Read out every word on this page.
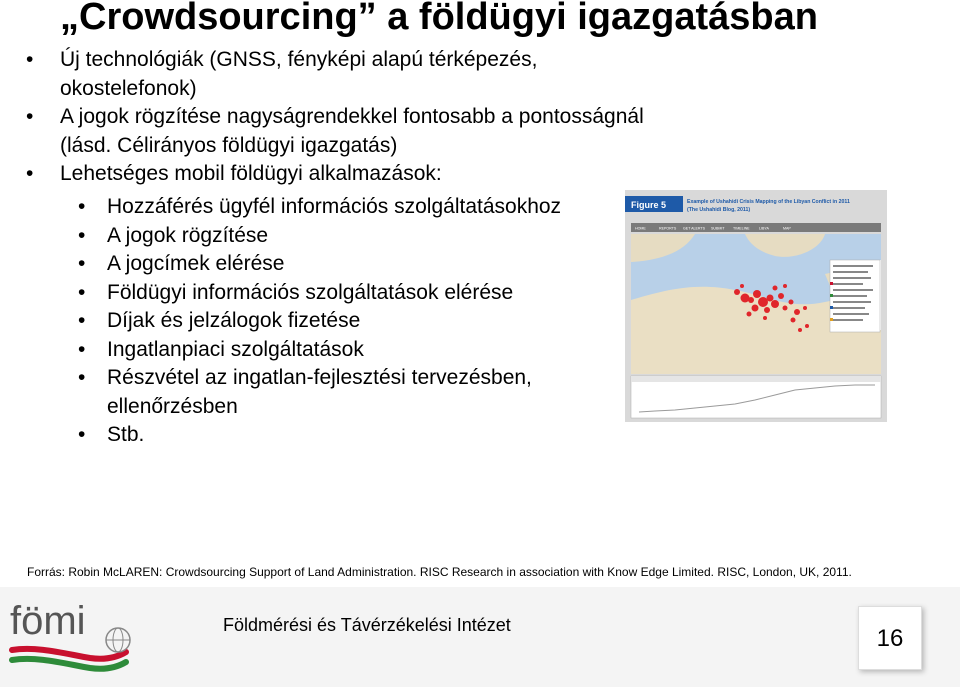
„Crowdsourcing” a földügyi igazgatásban
• Új technológiák (GNSS, fényképi alapú térképezés, okostelefonok)
• A jogok rögzítése nagyságrendekkel fontosabb a pontosságnál (lásd. Célirányos földügyi igazgatás)
• Lehetséges mobil földügyi alkalmazások:
• Hozzáférés ügyfél információs szolgáltatásokhoz
• A jogok rögzítése
• A jogcímek elérése
• Földügyi információs szolgáltatások elérése
• Díjak és jelzálogok fizetése
• Ingatlanpiaci szolgáltatások
• Részvétel az ingatlan-fejlesztési tervezésben, ellenőrzésben
• Stb.
Figure 5	Example of Ushahidi Crisis Mapping of the Libyan Conflict in 2011
(The Ushahidi Blog, 2011)
HOME	REPORTS GET ALERTS SUBMIT TIMELINE	LIBYA	MAP
Forrás: Robin McLAREN: Crowdsourcing Support of Land Administration. RISC Research in association with Know Edge Limited. RISC, London, UK, 2011.
fömi	Földmérési és Távérzékelési Intézet	16
